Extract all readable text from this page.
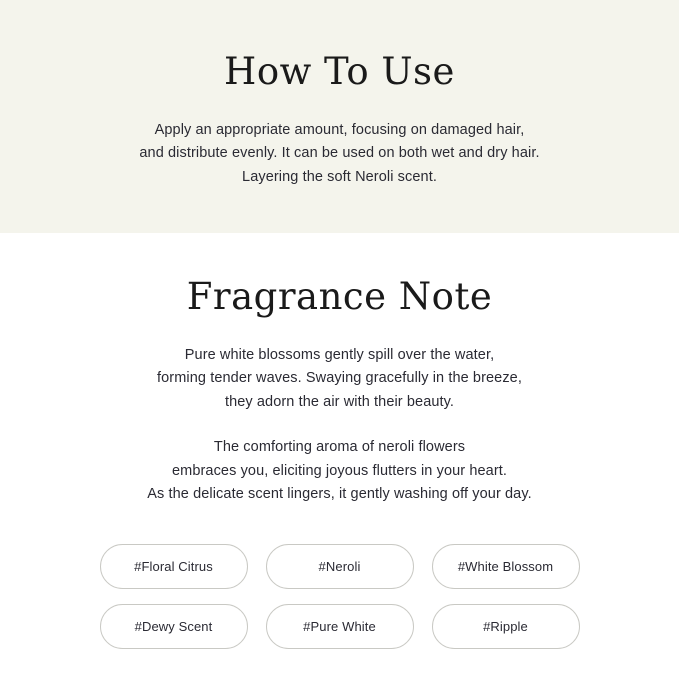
How To Use
Apply an appropriate amount, focusing on damaged hair,
and distribute evenly. It can be used on both wet and dry hair.
Layering the soft Neroli scent.
Fragrance Note
Pure white blossoms gently spill over the water,
forming tender waves. Swaying gracefully in the breeze,
they adorn the air with their beauty.
The comforting aroma of neroli flowers
embraces you, eliciting joyous flutters in your heart.
As the delicate scent lingers, it gently washing off your day.
#Floral Citrus	#Neroli	#White Blossom
#Dewy Scent	#Pure White	#Ripple
